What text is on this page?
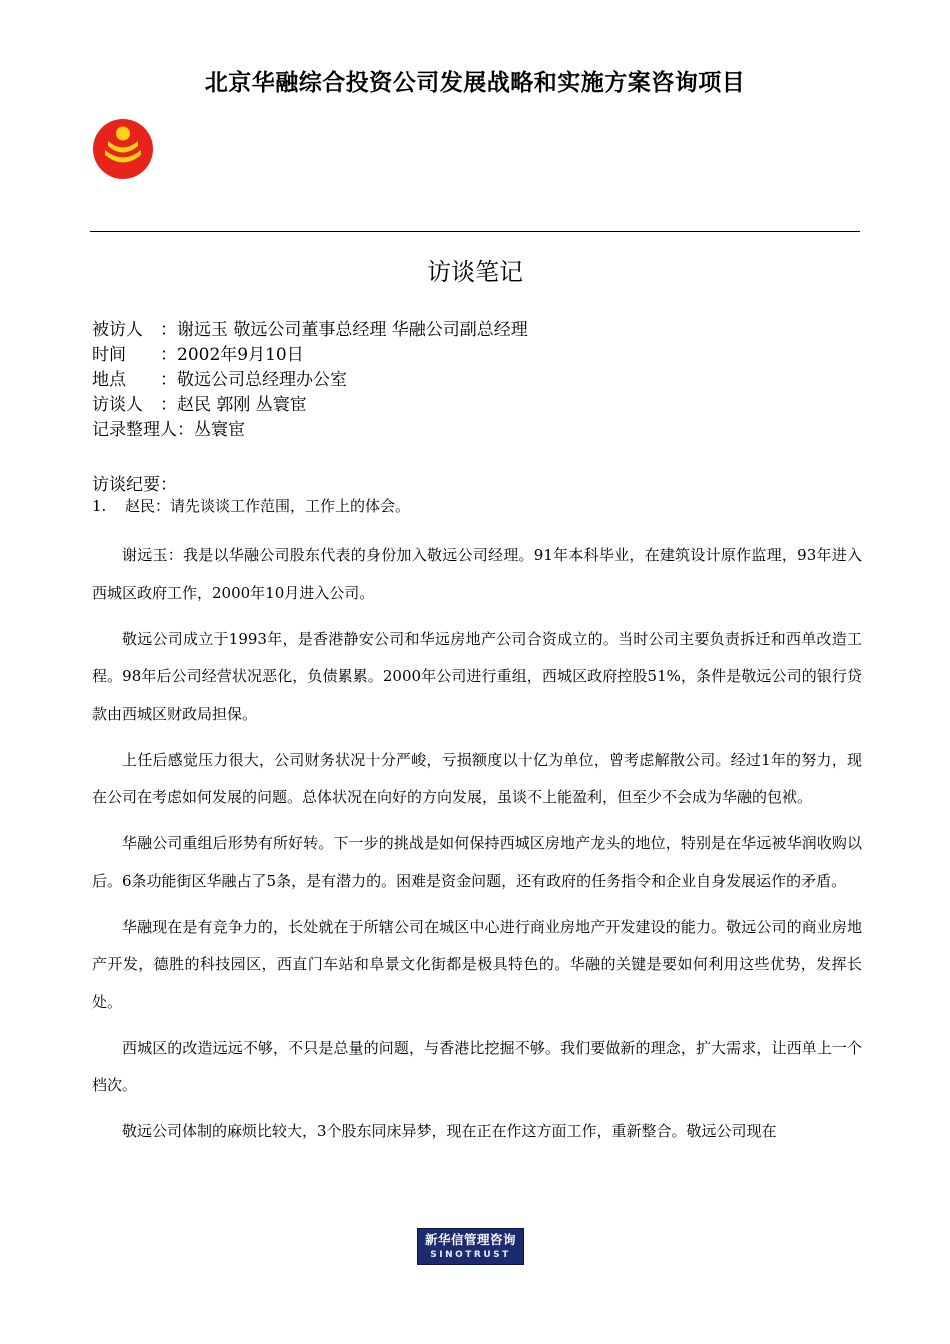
北京华融综合投资公司发展战略和实施方案咨询项目
访谈笔记
被访人 ：谢远玉 敬远公司董事总经理 华融公司副总经理
时间 ：2002年9月10日
地点 ：敬远公司总经理办公室
访谈人 ：赵民 郭刚 丛寰宦
记录整理人：丛寰宦
访谈纪要：
1. 赵民：请先谈谈工作范围，工作上的体会。

谢远玉：我是以华融公司股东代表的身份加入敬远公司经理。91年本科毕业，在建筑设计原作监理，93年进入西城区政府工作，2000年10月进入公司。

敬远公司成立于1993年，是香港静安公司和华远房地产公司合资成立的。当时公司主要负责拆迁和西单改造工程。98年后公司经营状况恶化，负债累累。2000年公司进行重组，西城区政府控股51%，条件是敬远公司的银行贷款由西城区财政局担保。

上任后感觉压力很大，公司财务状况十分严峻，亏损额度以十亿为单位，曾考虑解散公司。经过1年的努力，现在公司在考虑如何发展的问题。总体状况在向好的方向发展，虽谈不上能盈利，但至少不会成为华融的包袱。

华融公司重组后形势有所好转。下一步的挑战是如何保持西城区房地产龙头的地位，特别是在华远被华润收购以后。6条功能街区华融占了5条，是有潜力的。困难是资金问题，还有政府的任务指令和企业自身发展运作的矛盾。

华融现在是有竞争力的，长处就在于所辖公司在城区中心进行商业房地产开发建设的能力。敬远公司的商业房地产开发，德胜的科技园区，西直门车站和阜景文化街都是极具特色的。华融的关键是要如何利用这些优势，发挥长处。

西城区的改造远远不够，不只是总量的问题，与香港比挖掘不够。我们要做新的理念，扩大需求，让西单上一个档次。

敬远公司体制的麻烦比较大，3个股东同床异梦，现在正在作这方面工作，重新整合。敬远公司现在

新华信管理咨询
SINOTRUST
